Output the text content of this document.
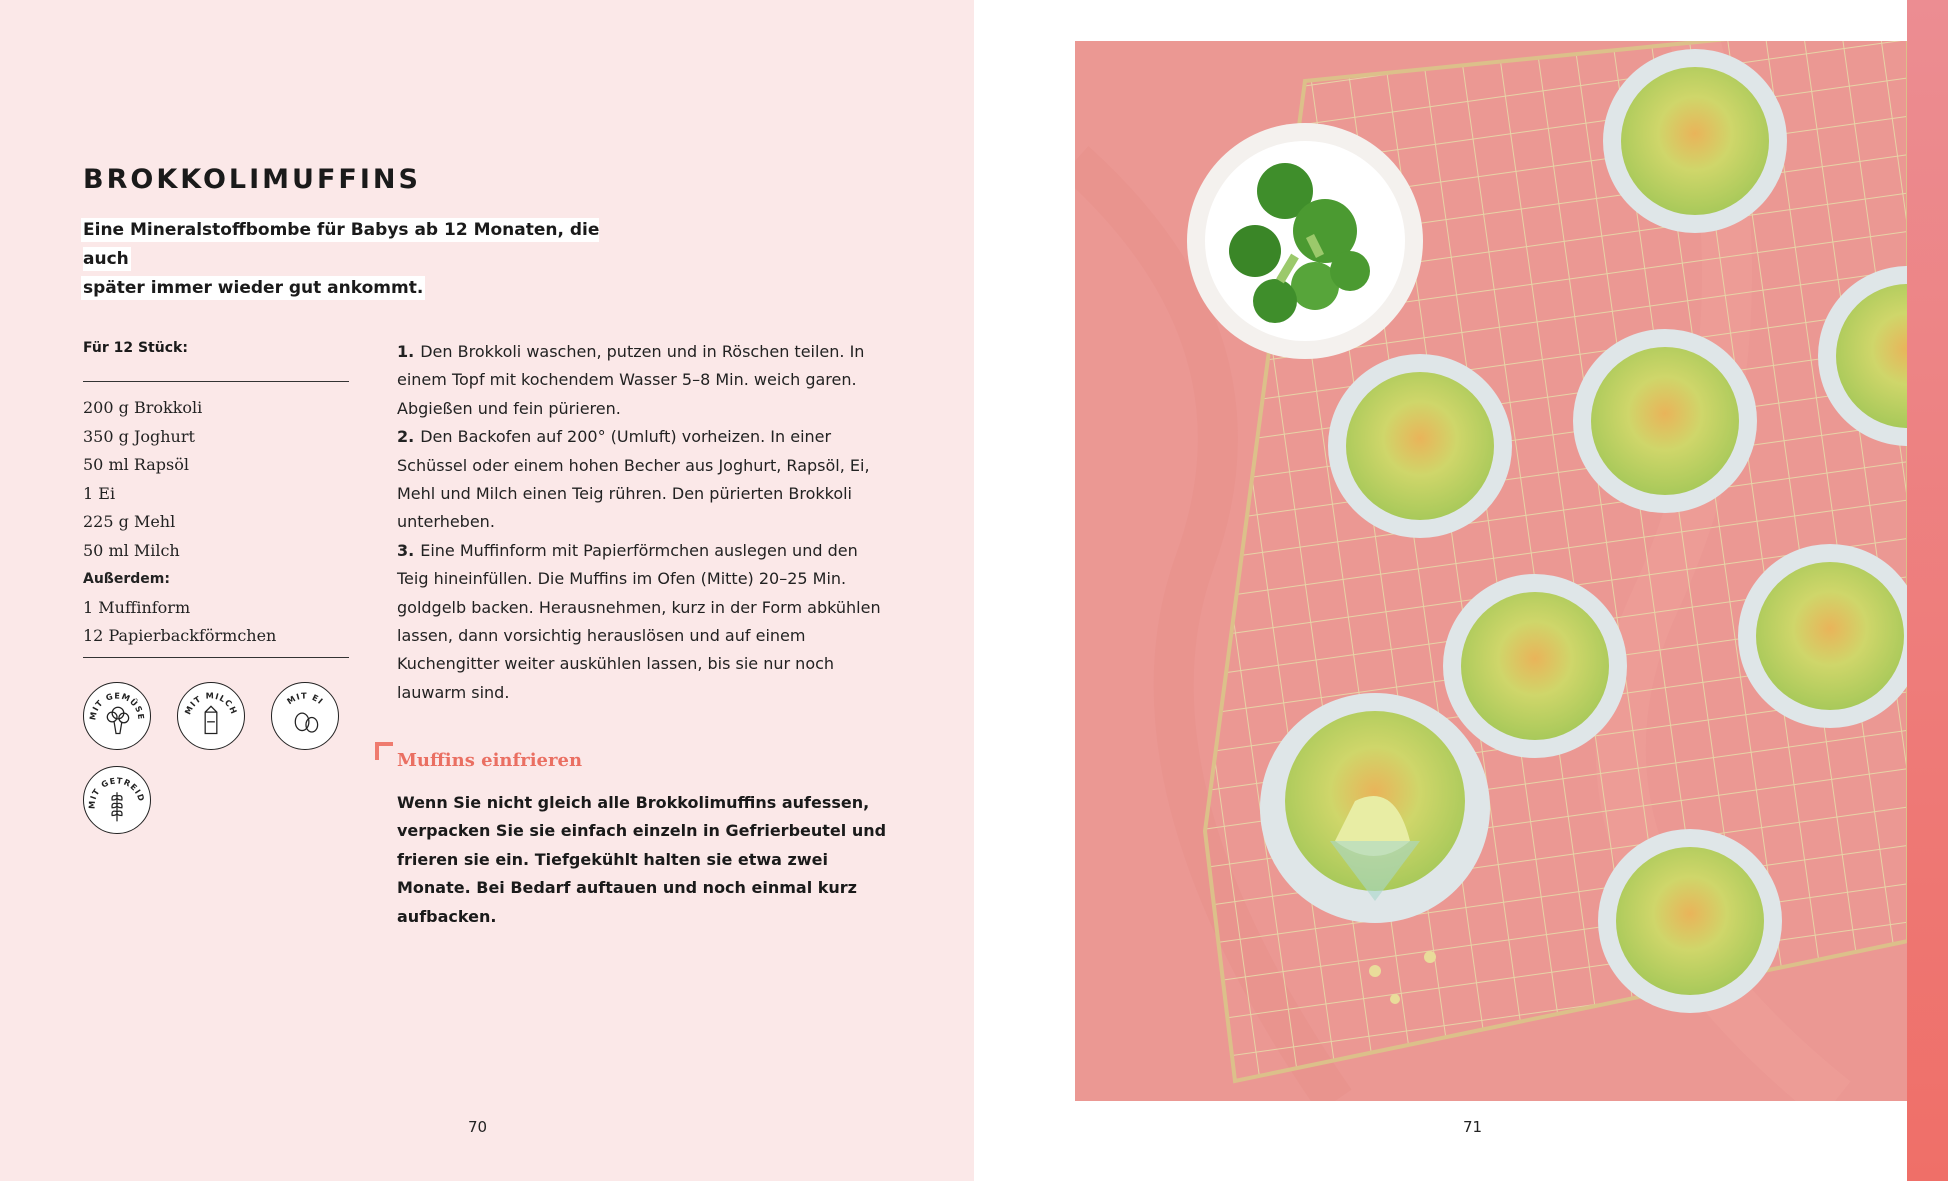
BROKKOLIMUFFINS

Eine Mineralstoffbombe für Babys ab 12 Monaten, die auch
später immer wieder gut ankommt.

Für 12 Stück:
200 g Brokkoli
350 g Joghurt
50 ml Rapsöl
1 Ei
225 g Mehl
50 ml Milch
Außerdem:
1 Muffinform
12 Papierbackförmchen
MIT GEMÜSE
MIT MILCH
MIT EI
MIT GETREID

1. Den Brokkoli waschen, putzen und in Röschen teilen. In einem Topf mit kochendem Wasser 5–8 Min. weich garen. Abgießen und fein pürieren.

2. Den Backofen auf 200° (Umluft) vorheizen. In einer Schüssel oder einem hohen Becher aus Joghurt, Rapsöl, Ei, Mehl und Milch einen Teig rühren. Den pürierten Brokkoli unterheben.

3. Eine Muffinform mit Papierförmchen auslegen und den Teig hineinfüllen. Die Muffins im Ofen (Mitte) 20–25 Min. goldgelb backen. Herausnehmen, kurz in der Form abkühlen lassen, dann vorsichtig herauslösen und auf einem Kuchengitter weiter auskühlen lassen, bis sie nur noch lauwarm sind.

Muffins einfrieren

Wenn Sie nicht gleich alle Brokkolimuffins aufessen, verpacken Sie sie einfach einzeln in Gefrierbeutel und frieren sie ein. Tiefgekühlt halten sie etwa zwei Monate. Bei Bedarf auftauen und noch einmal kurz aufbacken.

70	71
